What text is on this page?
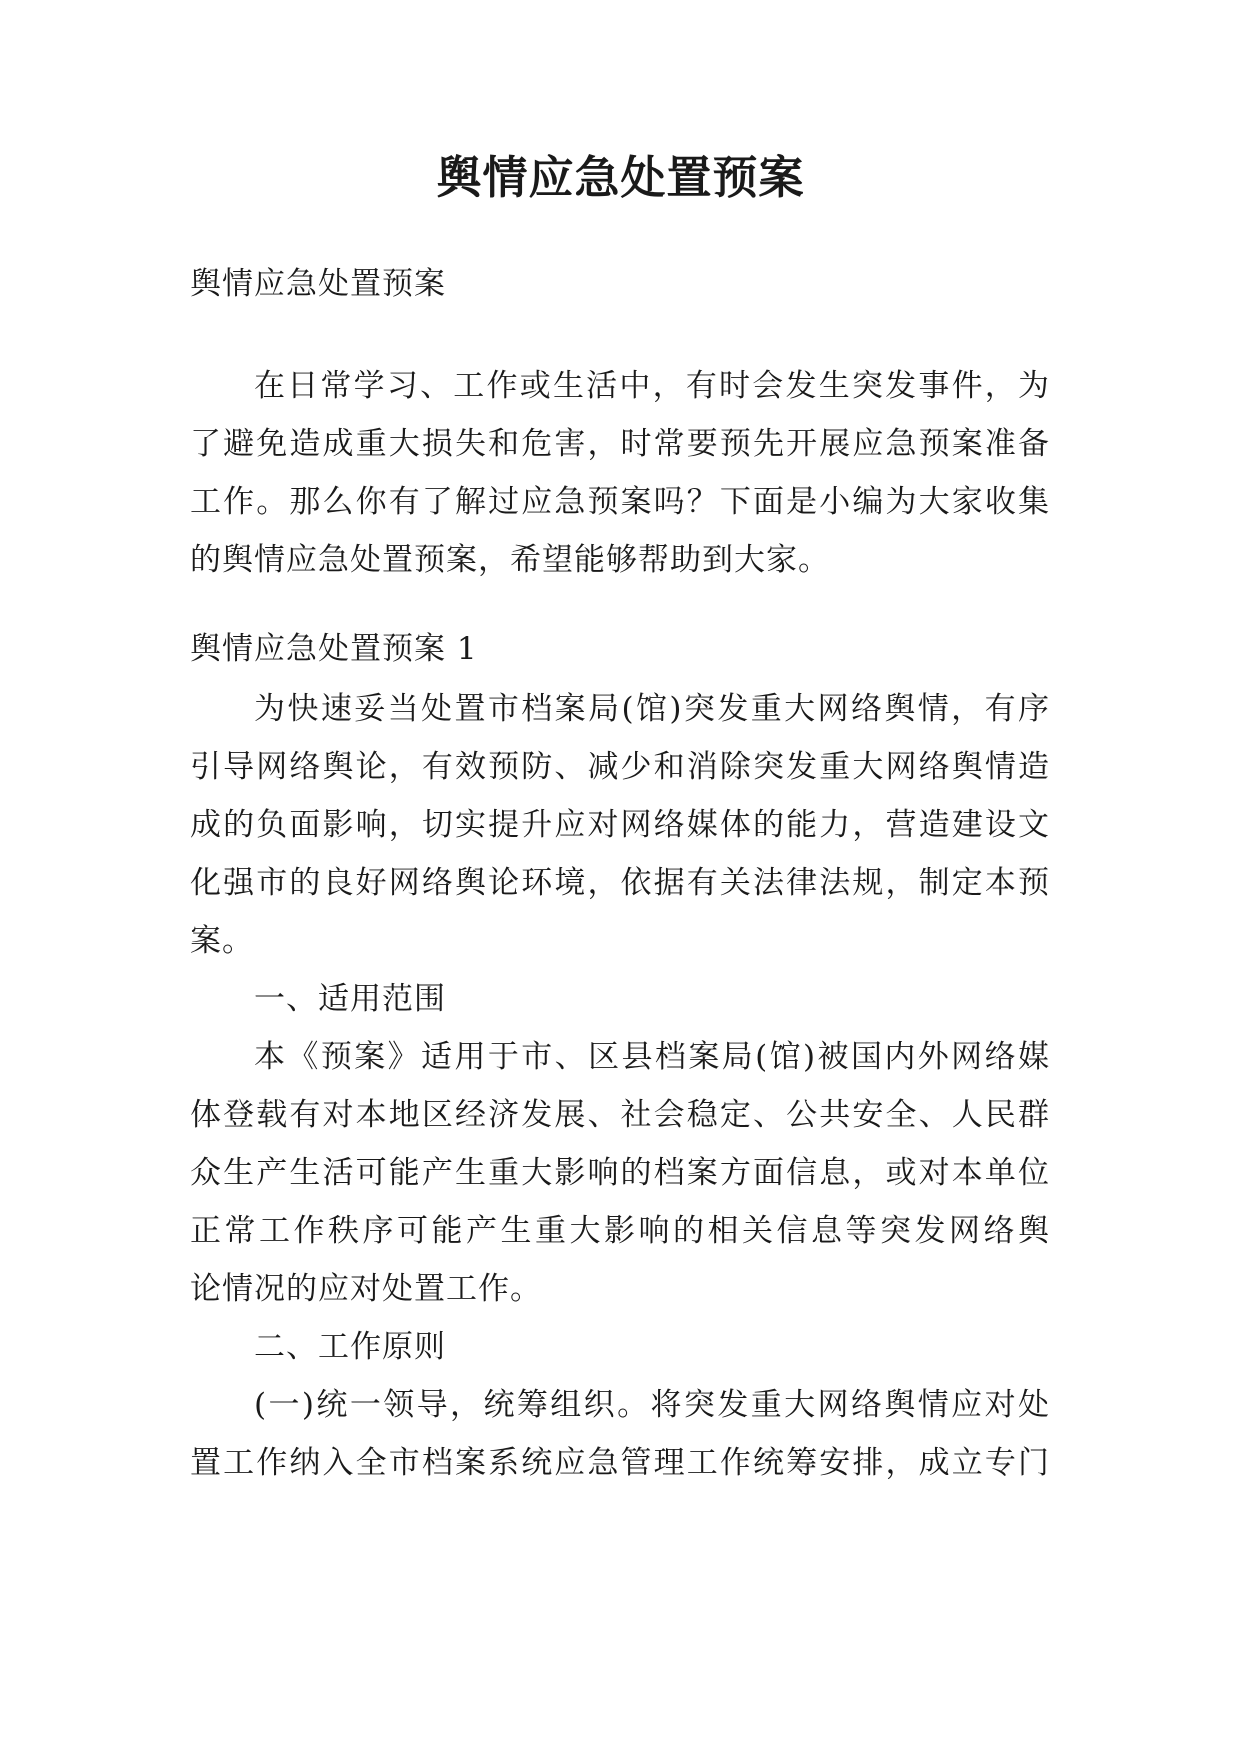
舆情应急处置预案
舆情应急处置预案
在日常学习、工作或生活中，有时会发生突发事件，为
了避免造成重大损失和危害，时常要预先开展应急预案准备
工作。那么你有了解过应急预案吗？下面是小编为大家收集
的舆情应急处置预案，希望能够帮助到大家。
舆情应急处置预案 1
为快速妥当处置市档案局(馆)突发重大网络舆情，有序
引导网络舆论，有效预防、减少和消除突发重大网络舆情造
成的负面影响，切实提升应对网络媒体的能力，营造建设文
化强市的良好网络舆论环境，依据有关法律法规，制定本预
案。
一、适用范围
本《预案》适用于市、区县档案局(馆)被国内外网络媒
体登载有对本地区经济发展、社会稳定、公共安全、人民群
众生产生活可能产生重大影响的档案方面信息，或对本单位
正常工作秩序可能产生重大影响的相关信息等突发网络舆
论情况的应对处置工作。
二、工作原则
(一)统一领导，统筹组织。将突发重大网络舆情应对处
置工作纳入全市档案系统应急管理工作统筹安排，成立专门
